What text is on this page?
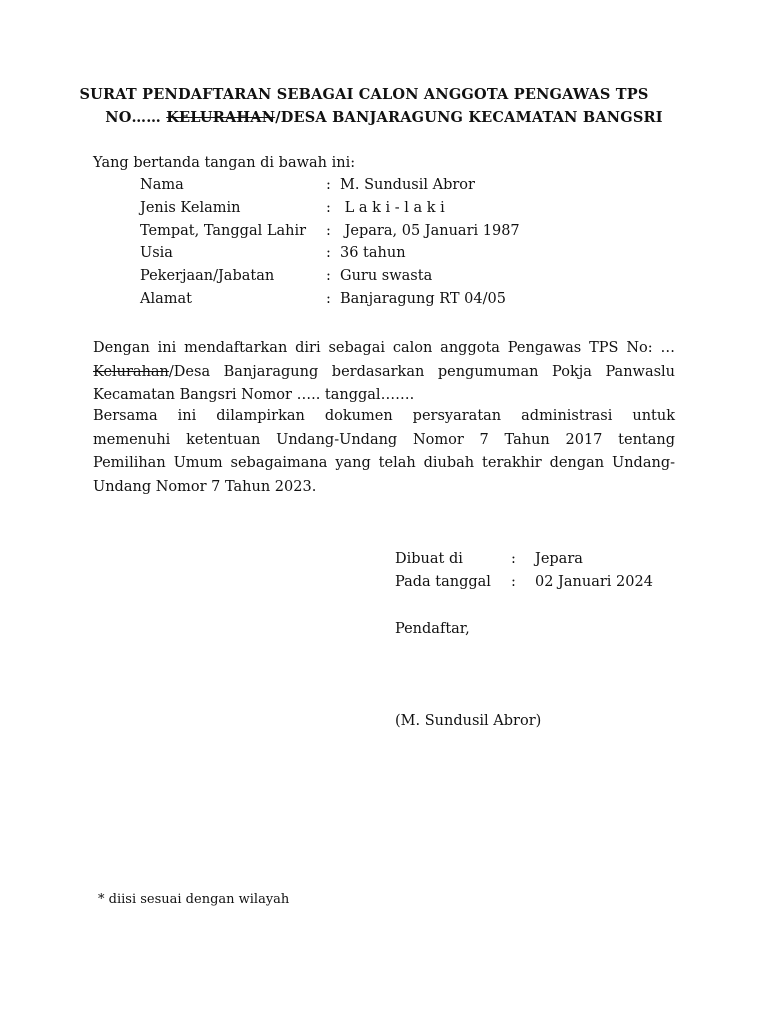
SURAT PENDAFTARAN SEBAGAI CALON ANGGOTA PENGAWAS TPS
NO…… KELURAHAN/DESA BANJARAGUNG KECAMATAN BANGSRI
Yang bertanda tangan di bawah ini:
Nama	: M. Sundusil Abror
Jenis Kelamin	: L a k i - l a k i
Tempat, Tanggal Lahir	: Jepara, 05 Januari 1987
Usia	: 36 tahun
Pekerjaan/Jabatan	: Guru swasta
Alamat	: Banjaragung RT 04/05
Dengan ini mendaftarkan diri sebagai calon anggota Pengawas TPS No: …
Kelurahan/Desa Banjaragung berdasarkan pengumuman Pokja Panwaslu
Kecamatan Bangsri Nomor ….. tanggal…….
Bersama ini dilampirkan dokumen persyaratan administrasi untuk
memenuhi ketentuan Undang-Undang Nomor 7 Tahun 2017 tentang
Pemilihan Umum sebagaimana yang telah diubah terakhir dengan Undang-
Undang Nomor 7 Tahun 2023.
Dibuat di	:	Jepara
Pada tanggal	:	02 Januari 2024
Pendaftar,
(M. Sundusil Abror)
* diisi sesuai dengan wilayah
